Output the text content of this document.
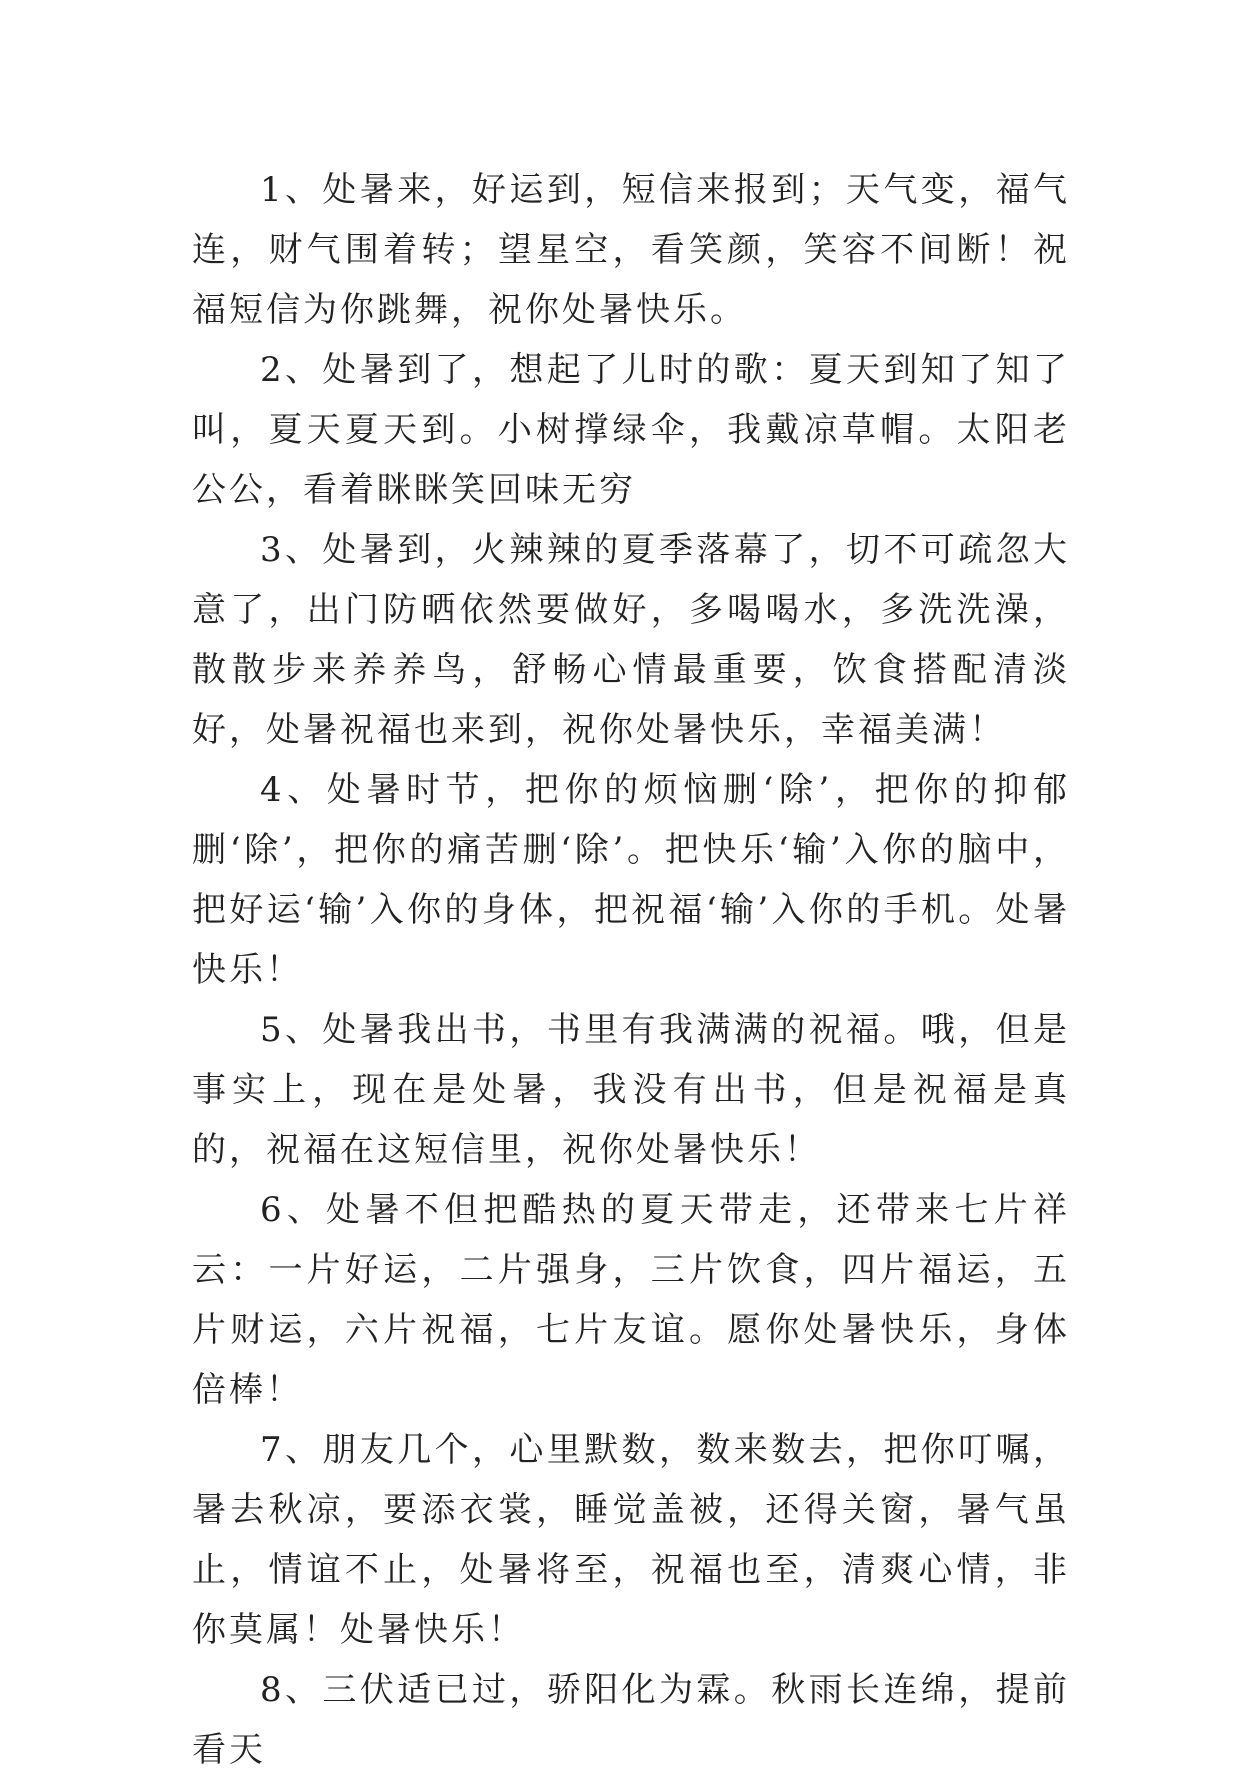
1、处暑来，好运到，短信来报到；天气变，福气连，财气围着转；望星空，看笑颜，笑容不间断！祝福短信为你跳舞，祝你处暑快乐。

2、处暑到了，想起了儿时的歌：夏天到知了知了叫，夏天夏天到。小树撑绿伞，我戴凉草帽。太阳老公公，看着眯眯笑回味无穷

3、处暑到，火辣辣的夏季落幕了，切不可疏忽大意了，出门防晒依然要做好，多喝喝水，多洗洗澡，散散步来养养鸟，舒畅心情最重要，饮食搭配清淡好，处暑祝福也来到，祝你处暑快乐，幸福美满！

4、处暑时节，把你的烦恼删‘除’，把你的抑郁删‘除’，把你的痛苦删‘除’。把快乐‘输’入你的脑中，把好运‘输’入你的身体，把祝福‘输’入你的手机。处暑快乐！

5、处暑我出书，书里有我满满的祝福。哦，但是事实上，现在是处暑，我没有出书，但是祝福是真的，祝福在这短信里，祝你处暑快乐！

6、处暑不但把酷热的夏天带走，还带来七片祥云：一片好运，二片强身，三片饮食，四片福运，五片财运，六片祝福，七片友谊。愿你处暑快乐，身体倍棒！

7、朋友几个，心里默数，数来数去，把你叮嘱，暑去秋凉，要添衣裳，睡觉盖被，还得关窗，暑气虽止，情谊不止，处暑将至，祝福也至，清爽心情，非你莫属！处暑快乐！

8、三伏适已过，骄阳化为霖。秋雨长连绵，提前看天
